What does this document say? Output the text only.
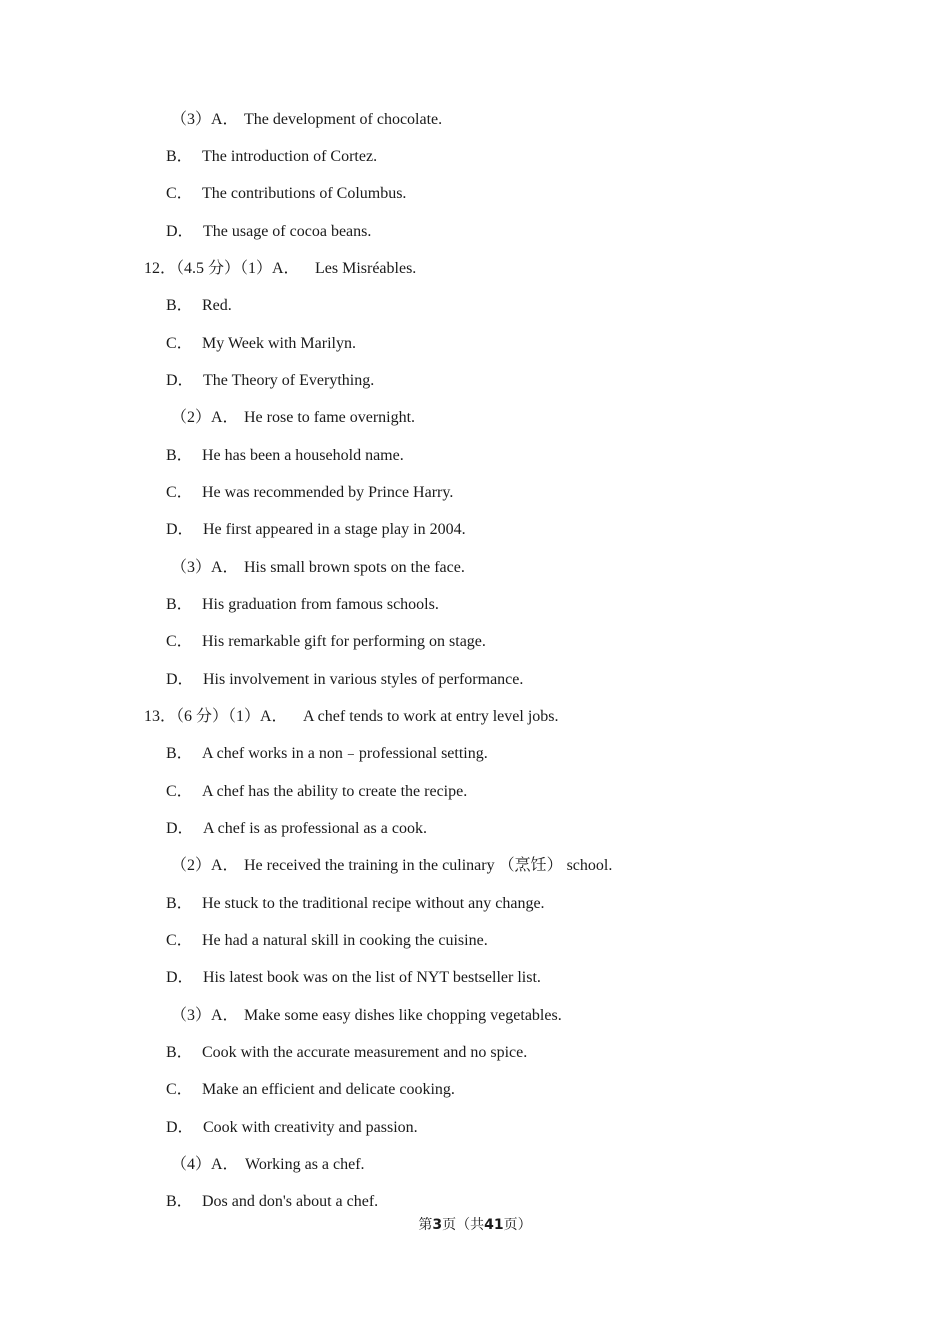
（3）A． The development of chocolate.
B． The introduction of Cortez.
C． The contributions of Columbus.
D． The usage of cocoa beans.
12．（4.5 分）（1）A． Les Misréables.
B． Red.
C． My Week with Marilyn.
D． The Theory of Everything.
（2）A． He rose to fame overnight.
B． He has been a household name.
C． He was recommended by Prince Harry.
D． He first appeared in a stage play in 2004.
（3）A． His small brown spots on the face.
B． His graduation from famous schools.
C． His remarkable gift for performing on stage.
D． His involvement in various styles of performance.
13．（6 分）（1）A． A chef tends to work at entry level jobs.
B． A chef works in a non﹣professional setting.
C． A chef has the ability to create the recipe.
D． A chef is as professional as a cook.
（2）A． He received the training in the culinary （烹饪） school.
B． He stuck to the traditional recipe without any change.
C． He had a natural skill in cooking the cuisine.
D． His latest book was on the list of NYT bestseller list.
（3）A． Make some easy dishes like chopping vegetables.
B． Cook with the accurate measurement and no spice.
C． Make an efficient and delicate cooking.
D． Cook with creativity and passion.
（4）A． Working as a chef.
B． Dos and don's about a chef.
第3页（共41页）
